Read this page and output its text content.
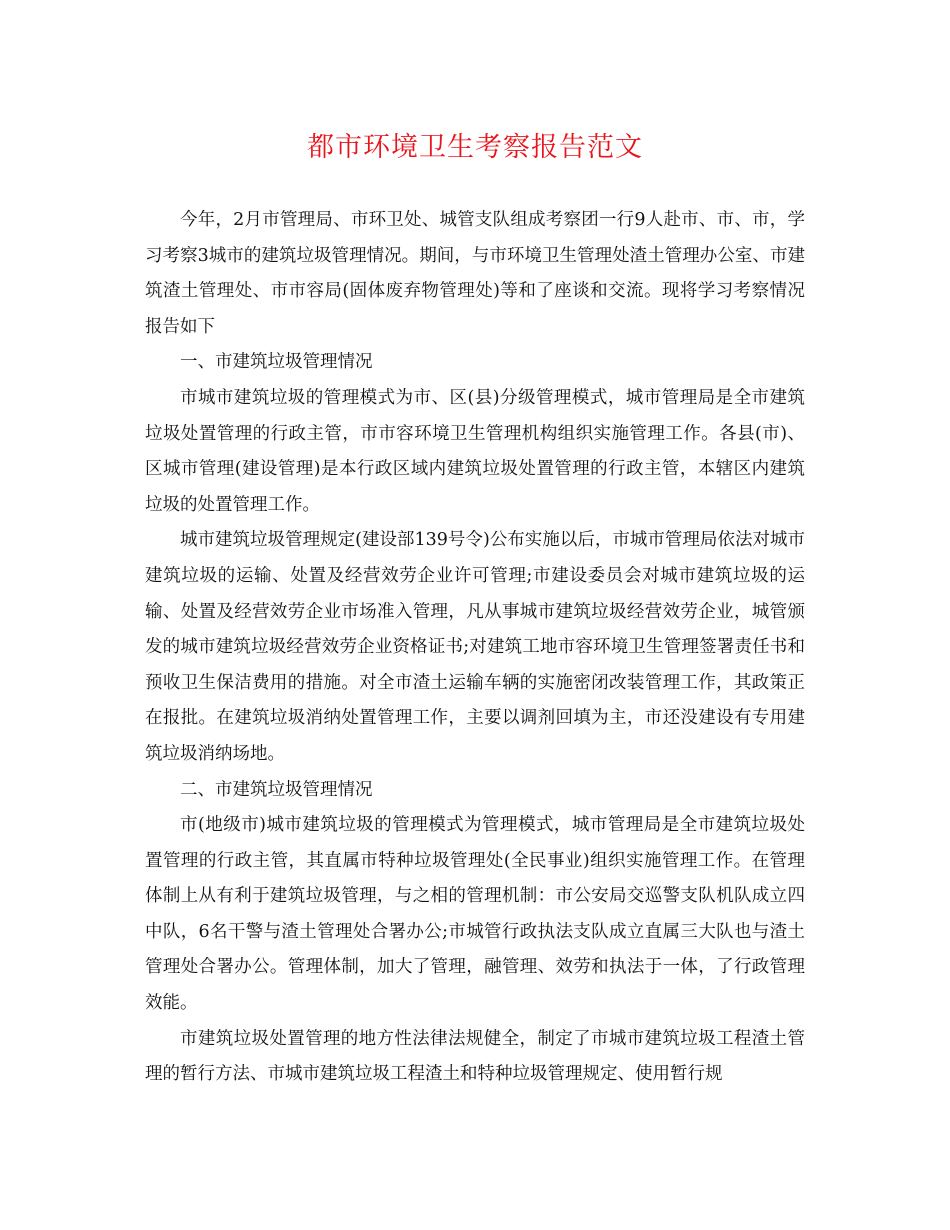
都市环境卫生考察报告范文

今年，2月市管理局、市环卫处、城管支队组成考察团一行9人赴市、市、市，学习考察3城市的建筑垃圾管理情况。期间，与市环境卫生管理处渣土管理办公室、市建筑渣土管理处、市市容局(固体废弃物管理处)等和了座谈和交流。现将学习考察情况报告如下

一、市建筑垃圾管理情况

市城市建筑垃圾的管理模式为市、区(县)分级管理模式，城市管理局是全市建筑垃圾处置管理的行政主管，市市容环境卫生管理机构组织实施管理工作。各县(市)、区城市管理(建设管理)是本行政区域内建筑垃圾处置管理的行政主管，本辖区内建筑垃圾的处置管理工作。

城市建筑垃圾管理规定(建设部139号令)公布实施以后，市城市管理局依法对城市建筑垃圾的运输、处置及经营效劳企业许可管理;市建设委员会对城市建筑垃圾的运输、处置及经营效劳企业市场准入管理，凡从事城市建筑垃圾经营效劳企业，城管颁发的城市建筑垃圾经营效劳企业资格证书;对建筑工地市容环境卫生管理签署责任书和预收卫生保洁费用的措施。对全市渣土运输车辆的实施密闭改装管理工作，其政策正在报批。在建筑垃圾消纳处置管理工作，主要以调剂回填为主，市还没建设有专用建筑垃圾消纳场地。

二、市建筑垃圾管理情况

市(地级市)城市建筑垃圾的管理模式为管理模式，城市管理局是全市建筑垃圾处置管理的行政主管，其直属市特种垃圾管理处(全民事业)组织实施管理工作。在管理体制上从有利于建筑垃圾管理，与之相的管理机制：市公安局交巡警支队机队成立四中队，6名干警与渣土管理处合署办公;市城管行政执法支队成立直属三大队也与渣土管理处合署办公。管理体制，加大了管理，融管理、效劳和执法于一体，了行政管理效能。

市建筑垃圾处置管理的地方性法律法规健全，制定了市城市建筑垃圾工程渣土管理的暂行方法、市城市建筑垃圾工程渣土和特种垃圾管理规定、使用暂行规
